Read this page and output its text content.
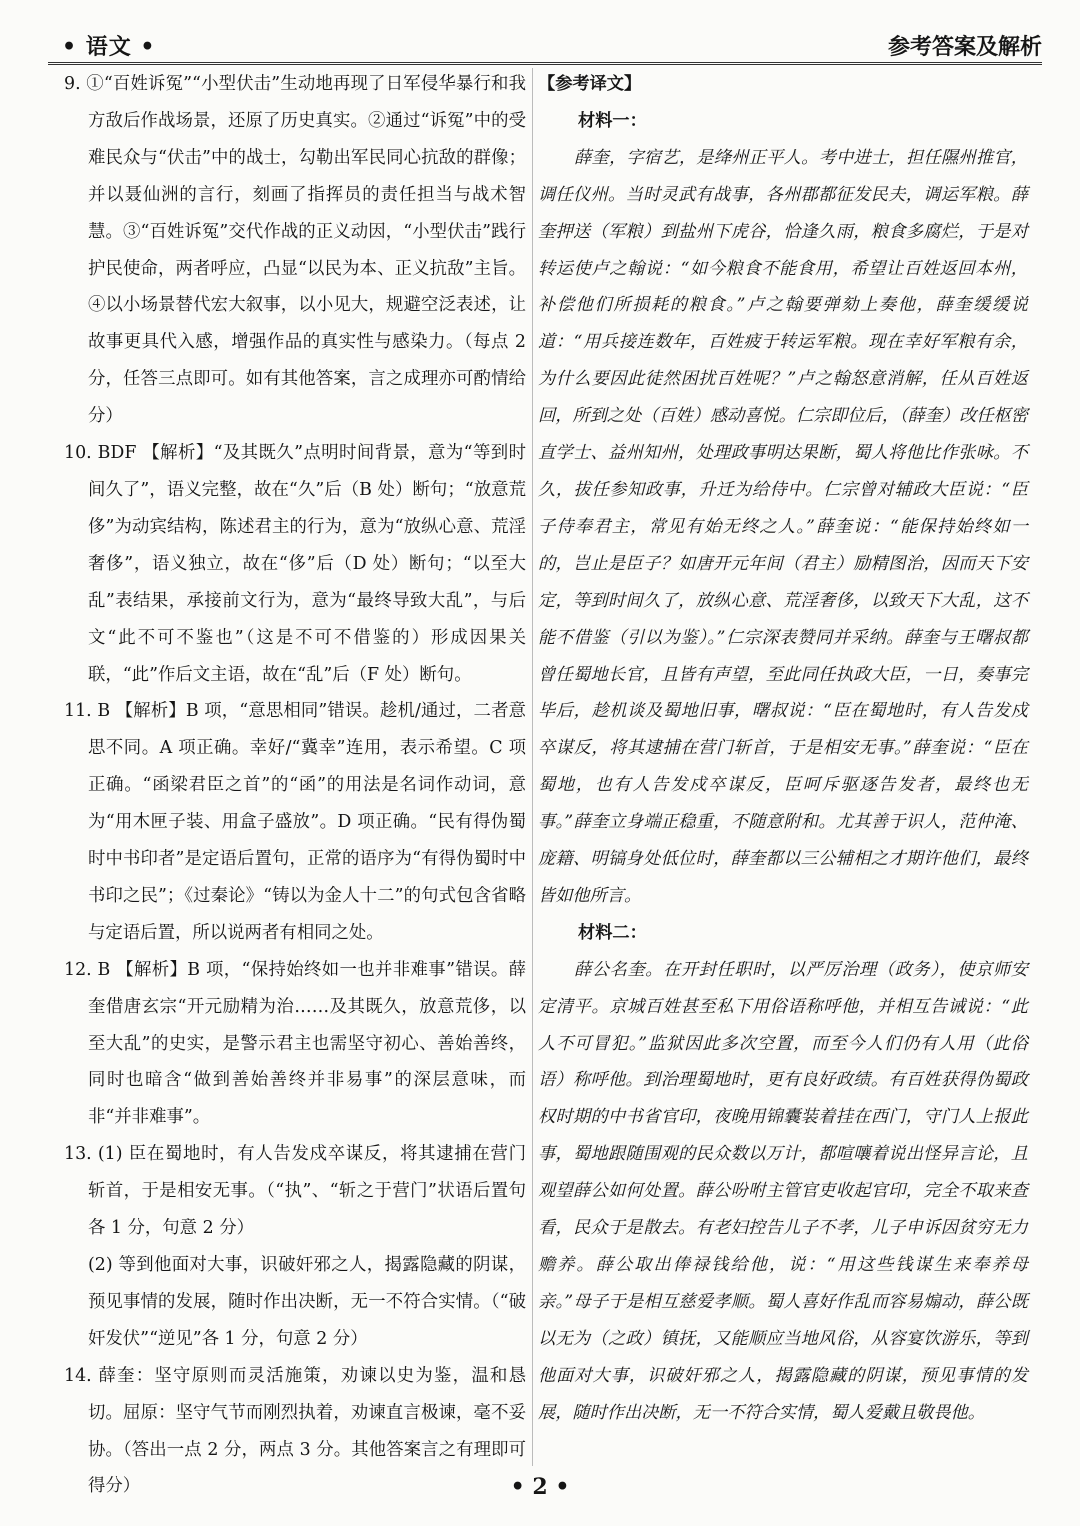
• 语文 •	参考答案及解析

9. ①“百姓诉冤”“小型伏击”生动地再现了日军侵华暴行和我方敌后作战场景，还原了历史真实。②通过“诉冤”中的受难民众与“伏击”中的战士，勾勒出军民同心抗敌的群像；并以聂仙洲的言行，刻画了指挥员的责任担当与战术智慧。③“百姓诉冤”交代作战的正义动因，“小型伏击”践行护民使命，两者呼应，凸显“以民为本、正义抗敌”主旨。④以小场景替代宏大叙事，以小见大，规避空泛表述，让故事更具代入感，增强作品的真实性与感染力。（每点 2 分，任答三点即可。如有其他答案，言之成理亦可酌情给分）

10. BDF 【解析】“及其既久”点明时间背景，意为“等到时间久了”，语义完整，故在“久”后（B 处）断句；“放意荒侈”为动宾结构，陈述君主的行为，意为“放纵心意、荒淫奢侈”，语义独立，故在“侈”后（D 处）断句；“以至大乱”表结果，承接前文行为，意为“最终导致大乱”，与后文“此不可不鉴也”（这是不可不借鉴的）形成因果关联，“此”作后文主语，故在“乱”后（F 处）断句。

11. B 【解析】B 项，“意思相同”错误。趁机/通过，二者意思不同。A 项正确。幸好/“冀幸”连用，表示希望。C 项正确。“函梁君臣之首”的“函”的用法是名词作动词，意为“用木匣子装、用盒子盛放”。D 项正确。“民有得伪蜀时中书印者”是定语后置句，正常的语序为“有得伪蜀时中书印之民”；《过秦论》“铸以为金人十二”的句式包含省略与定语后置，所以说两者有相同之处。

12. B 【解析】B 项，“保持始终如一也并非难事”错误。薛奎借唐玄宗“开元励精为治……及其既久，放意荒侈，以至大乱”的史实，是警示君主也需坚守初心、善始善终，同时也暗含“做到善始善终并非易事”的深层意味，而非“并非难事”。

13. (1) 臣在蜀地时，有人告发戍卒谋反，将其逮捕在营门斩首，于是相安无事。（“执”、“斩之于营门”状语后置句各 1 分，句意 2 分）

(2) 等到他面对大事，识破奸邪之人，揭露隐藏的阴谋，预见事情的发展，随时作出决断，无一不符合实情。（“破奸发伏”“逆见”各 1 分，句意 2 分）

14. 薛奎：坚守原则而灵活施策，劝谏以史为鉴，温和恳切。屈原：坚守气节而刚烈执着，劝谏直言极谏，毫不妥协。（答出一点 2 分，两点 3 分。其他答案言之有理即可得分）

【参考译文】

材料一：

薛奎，字宿艺，是绛州正平人。考中进士，担任隰州推官，调任仪州。当时灵武有战事，各州郡都征发民夫，调运军粮。薛奎押送（军粮）到盐州下虎谷，恰逢久雨，粮食多腐烂，于是对转运使卢之翰说：“如今粮食不能食用，希望让百姓返回本州，补偿他们所损耗的粮食。”卢之翰要弹劾上奏他，薛奎缓缓说道：“用兵接连数年，百姓疲于转运军粮。现在幸好军粮有余，为什么要因此徒然困扰百姓呢？”卢之翰怒意消解，任从百姓返回，所到之处（百姓）感动喜悦。仁宗即位后，（薛奎）改任枢密直学士、益州知州，处理政事明达果断，蜀人将他比作张咏。不久，拔任参知政事，升迁为给侍中。仁宗曾对辅政大臣说：“臣子侍奉君主，常见有始无终之人。”薛奎说：“能保持始终如一的，岂止是臣子？如唐开元年间（君主）励精图治，因而天下安定，等到时间久了，放纵心意、荒淫奢侈，以致天下大乱，这不能不借鉴（引以为鉴）。”仁宗深表赞同并采纳。薛奎与王曙叔都曾任蜀地长官，且皆有声望，至此同任执政大臣，一日，奏事完毕后，趁机谈及蜀地旧事，曙叔说：“臣在蜀地时，有人告发戍卒谋反，将其逮捕在营门斩首，于是相安无事。”薛奎说：“臣在蜀地，也有人告发戍卒谋反，臣呵斥驱逐告发者，最终也无事。”薛奎立身端正稳重，不随意附和。尤其善于识人，范仲淹、庞籍、明镐身处低位时，薛奎都以三公辅相之才期许他们，最终皆如他所言。

材料二：

薛公名奎。在开封任职时，以严厉治理（政务），使京师安定清平。京城百姓甚至私下用俗语称呼他，并相互告诫说：“此人不可冒犯。”监狱因此多次空置，而至今人们仍有人用（此俗语）称呼他。到治理蜀地时，更有良好政绩。有百姓获得伪蜀政权时期的中书省官印，夜晚用锦囊装着挂在西门，守门人上报此事，蜀地跟随围观的民众数以万计，都喧嚷着说出怪异言论，且观望薛公如何处置。薛公吩咐主管官吏收起官印，完全不取来查看，民众于是散去。有老妇控告儿子不孝，儿子申诉因贫穷无力赡养。薛公取出俸禄钱给他，说：“用这些钱谋生来奉养母亲。”母子于是相互慈爱孝顺。蜀人喜好作乱而容易煽动，薛公既以无为（之政）镇抚，又能顺应当地风俗，从容宴饮游乐，等到他面对大事，识破奸邪之人，揭露隐藏的阴谋，预见事情的发展，随时作出决断，无一不符合实情，蜀人爱戴且敬畏他。

• 2 •
